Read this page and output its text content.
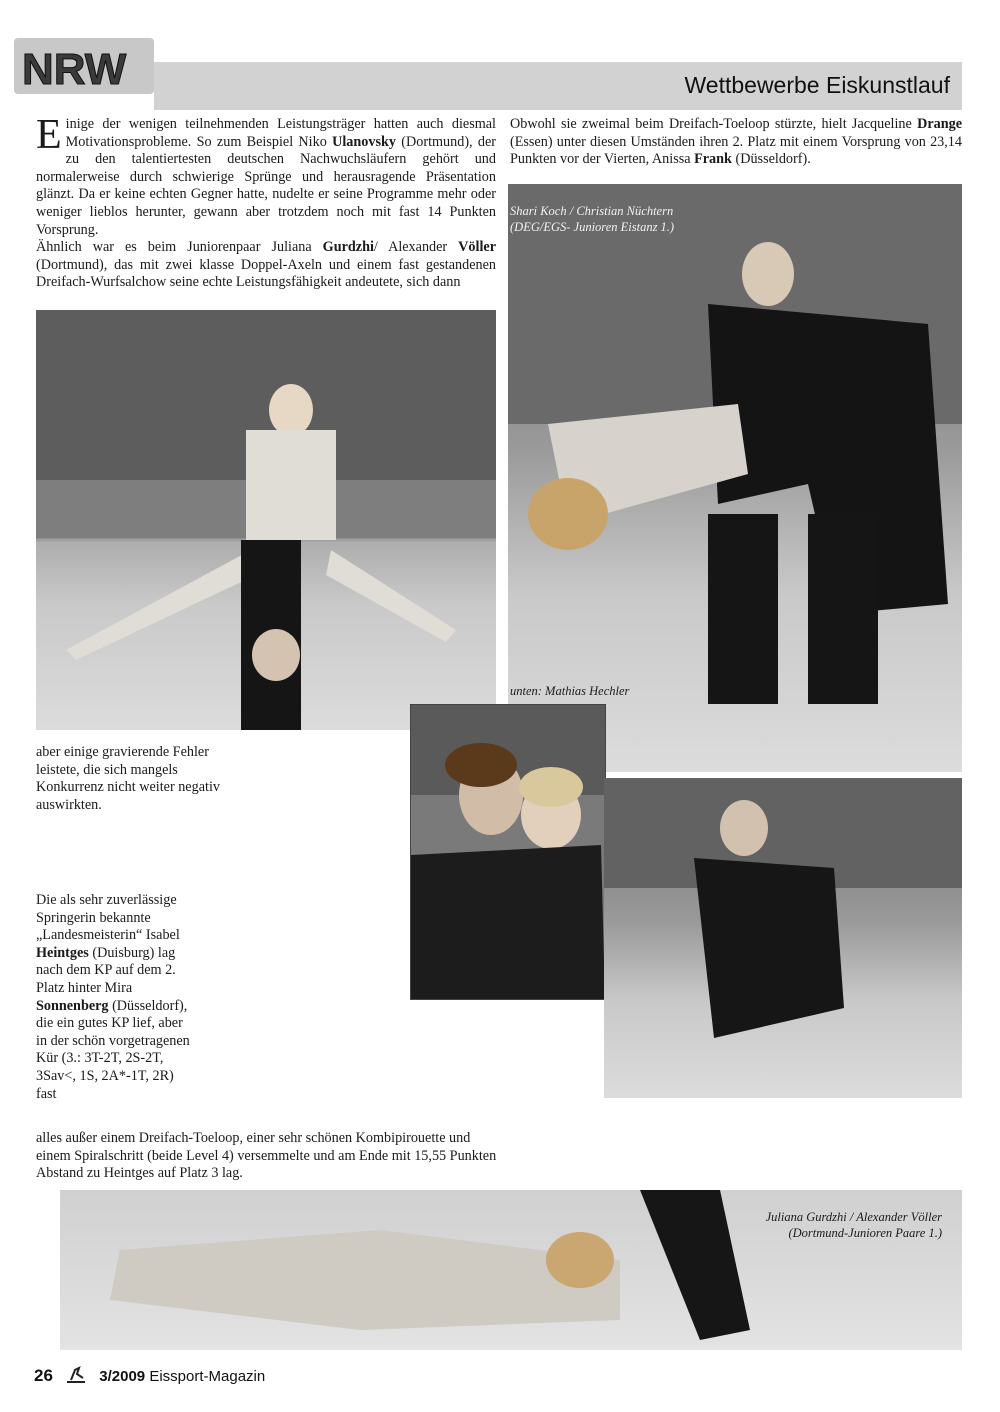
NRW	Wettbewerbe Eiskunstlauf

Einige der wenigen teilnehmenden Leistungsträger hatten auch diesmal Motivationsprobleme. So zum Beispiel Niko Ulanovsky (Dortmund), der zu den talentiertesten deutschen Nachwuchsläufern gehört und normalerweise durch schwierige Sprünge und herausragende Präsentation glänzt. Da er keine echten Gegner hatte, nudelte er seine Programme mehr oder weniger lieblos herunter, gewann aber trotzdem noch mit fast 14 Punkten Vorsprung.

Ähnlich war es beim Juniorenpaar Juliana Gurdzhi/ Alexander Völler (Dortmund), das mit zwei klasse Doppel-Axeln und einem fast gestandenen Dreifach-Wurfsalchow seine echte Leistungsfähigkeit andeutete, sich dann

Obwohl sie zweimal beim Dreifach-Toeloop stürzte, hielt Jacqueline Drange (Essen) unter diesen Umständen ihren 2. Platz mit einem Vorsprung von 23,14 Punkten vor der Vierten, Anissa Frank (Düsseldorf).

Shari Koch / Christian Nüchtern
(DEG/EGS- Junioren Eistanz 1.)
unten: Mathias Hechler

aber einige gravierende Fehler leistete, die sich mangels Konkurrenz nicht weiter negativ auswirkten.

Die als sehr zuverlässige Springerin bekannte „Landesmeisterin“ Isabel Heintges (Duisburg) lag nach dem KP auf dem 2. Platz hinter Mira Sonnenberg (Düsseldorf), die ein gutes KP lief, aber in der schön vorgetragenen Kür (3.: 3T-2T, 2S-2T, 3Sav<, 1S, 2A*-1T, 2R) fast

alles außer einem Dreifach-Toeloop, einer sehr schönen Kombipirouette und einem Spiralschritt (beide Level 4) versemmelte und am Ende mit 15,55 Punkten Abstand zu Heintges auf Platz 3 lag.

Juliana Gurdzhi / Alexander Völler
(Dortmund-Junioren Paare 1.)
26	3/2009 Eissport-Magazin
